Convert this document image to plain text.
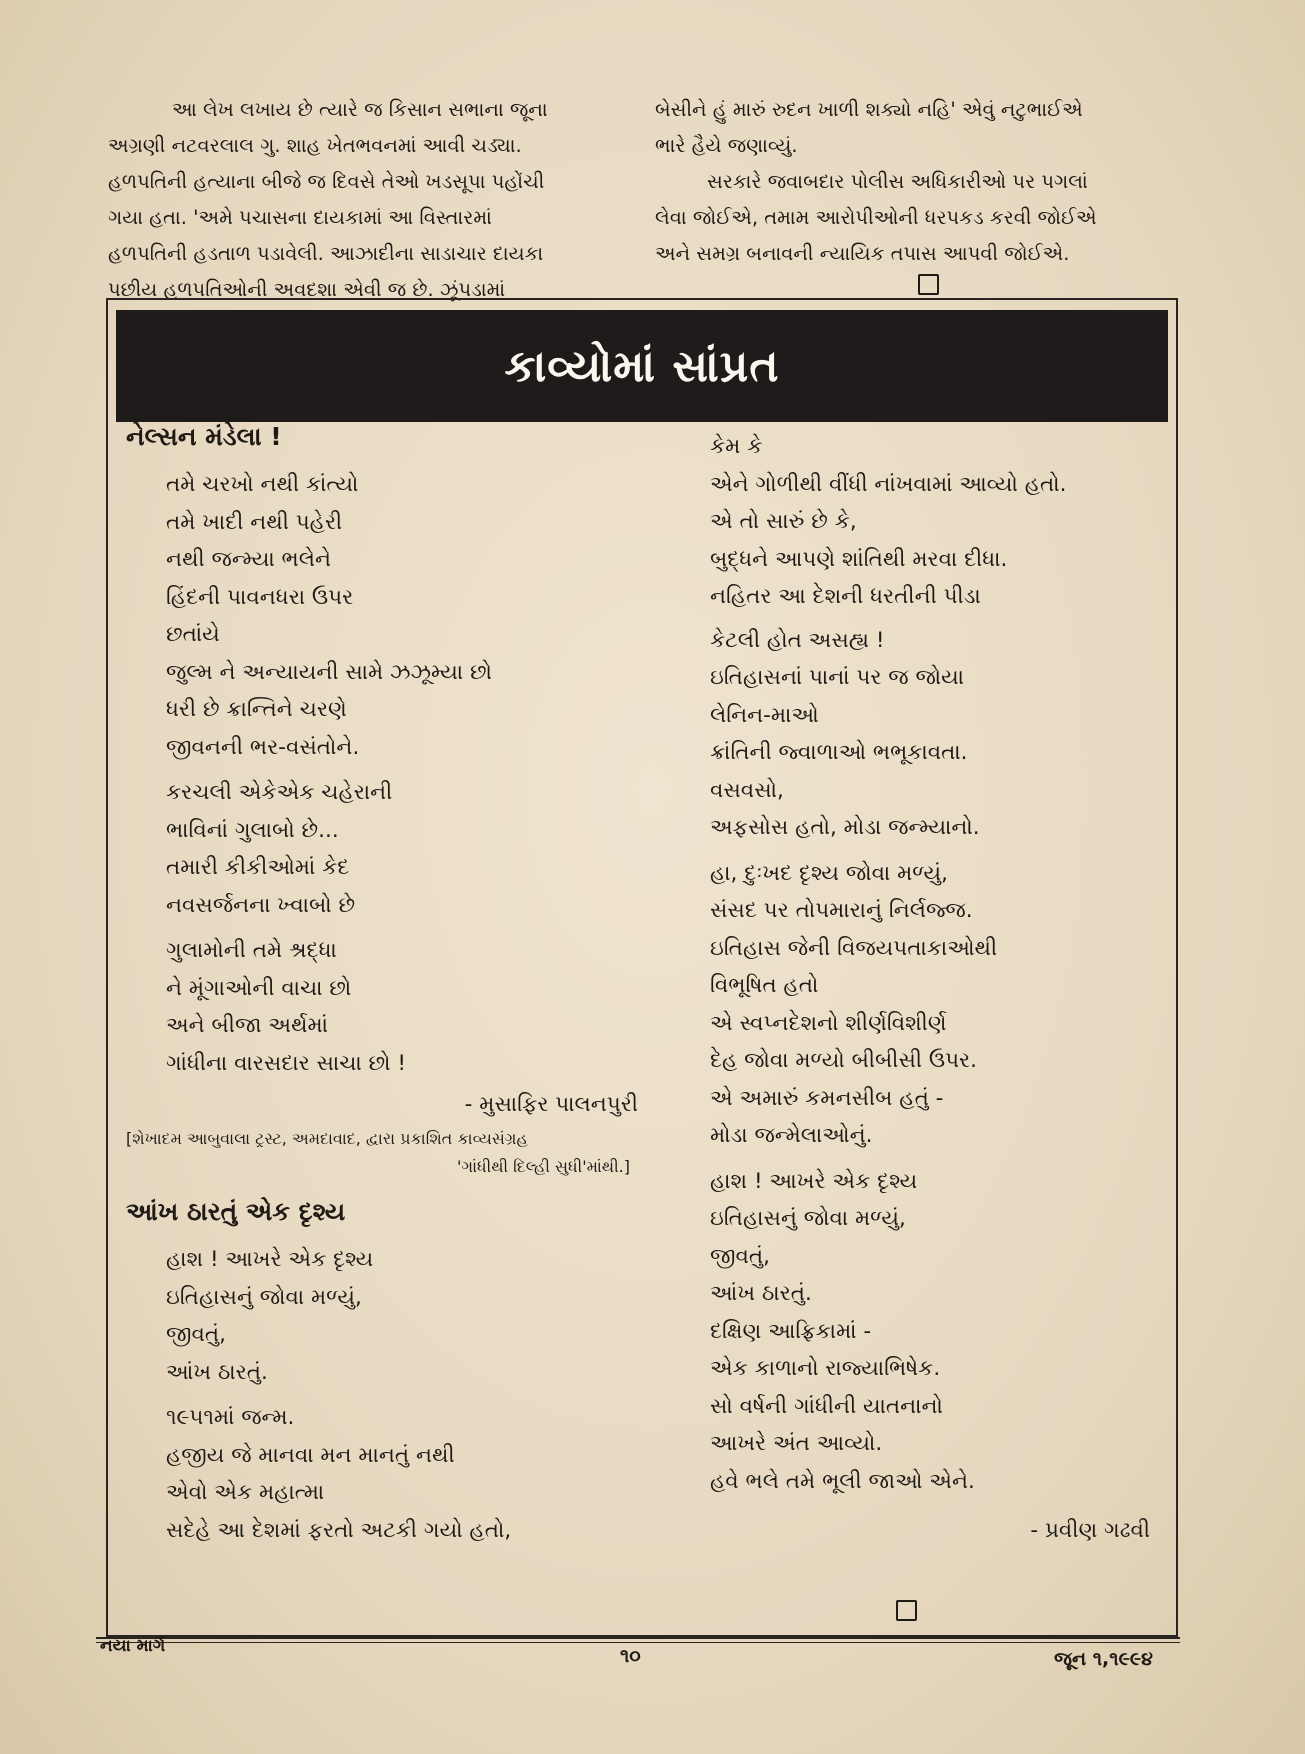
આ લેખ લખાય છે ત્યારે જ કિસાન સભાના જૂના
અગ્રણી નટવરલાલ ગુ. શાહ ખેતભવનમાં આવી ચડ્યા.
હળપતિની હત્યાના બીજે જ દિવસે તેઓ ખડસૂપા પહોંચી
ગયા હતા. 'અમે પચાસના દાયકામાં આ વિસ્તારમાં
હળપતિની હડતાળ પડાવેલી. આઝાદીના સાડાચાર દાયકા
પછીય હળપતિઓની અવદશા એવી જ છે. ઝૂંપડામાં

બેસીને હું મારું રુદન ખાળી શક્યો નહિ' એવું નટુભાઈએ
ભારે હૈયે જણાવ્યું.

સરકારે જવાબદાર પોલીસ અધિકારીઓ પર પગલાં
લેવા જોઈએ, તમામ આરોપીઓની ધરપકડ કરવી જોઈએ
અને સમગ્ર બનાવની ન્યાયિક તપાસ આપવી જોઈએ.

કાવ્યોમાં સાંપ્રત
નેલ્સન મંડેલા !
તમે ચરખો નથી કાંત્યો
તમે ખાદી નથી પહેરી
નથી જન્મ્યા ભલેને
હિંદની પાવનધરા ઉપર
છતાંયે
જુલ્મ ને અન્યાયની સામે ઝઝૂમ્યા છો
ધરી છે ક્રાન્તિને ચરણે
જીવનની ભર-વસંતોને.
કરચલી એકેએક ચહેરાની
ભાવિનાં ગુલાબો છે...
તમારી કીકીઓમાં કેદ
નવસર્જનના ખ્વાબો છે
ગુલામોની તમે શ્રદ્ધા
ને મૂંગાઓની વાચા છો
અને બીજા અર્થમાં
ગાંધીના વારસદાર સાચા છો !
- મુસાફિર પાલનપુરી
[શેખાદમ આબુવાલા ટ્રસ્ટ, અમદાવાદ, દ્વારા પ્રકાશિત કાવ્યસંગ્રહ
'ગાંધીથી દિલ્હી સુધી'માંથી.]
આંખ ઠારતું એક દૃશ્ય
હાશ ! આખરે એક દૃશ્ય
ઇતિહાસનું જોવા મળ્યું,
જીવતું,
આંખ ઠારતું.
૧૯૫૧માં જન્મ.
હજીય જે માનવા મન માનતું નથી
એવો એક મહાત્મા
સદેહે આ દેશમાં ફરતો અટકી ગયો હતો,
કેમ કે
એને ગોળીથી વીંધી નાંખવામાં આવ્યો હતો.
એ તો સારું છે કે,
બુદ્ધને આપણે શાંતિથી મરવા દીધા.
નહિતર આ દેશની ધરતીની પીડા
કેટલી હોત અસહ્ય !
ઇતિહાસનાં પાનાં પર જ જોયા
લેનિન-માઓ
ક્રાંતિની જ્વાળાઓ ભભૂકાવતા.
વસવસો,
અફસોસ હતો, મોડા જન્મ્યાનો.
હા, દુઃખદ દૃશ્ય જોવા મળ્યું,
સંસદ પર તોપમારાનું નિર્લજ્જ.
ઇતિહાસ જેની વિજયપતાકાઓથી
વિભૂષિત હતો
એ સ્વપ્નદેશનો શીર્ણવિશીર્ણ
દેહ જોવા મળ્યો બીબીસી ઉપર.
એ અમારું કમનસીબ હતું -
મોડા જન્મેલાઓનું.
હાશ ! આખરે એક દૃશ્ય
ઇતિહાસનું જોવા મળ્યું,
જીવતું,
આંખ ઠારતું.
દક્ષિણ આફ્રિકામાં -
એક કાળાનો રાજ્યાભિષેક.
સો વર્ષની ગાંધીની યાતનાનો
આખરે અંત આવ્યો.
હવે ભલે તમે ભૂલી જાઓ એને.
- પ્રવીણ ગઢવી
નયા માર્ગ	૧૦	જૂન ૧,૧૯૯૪
